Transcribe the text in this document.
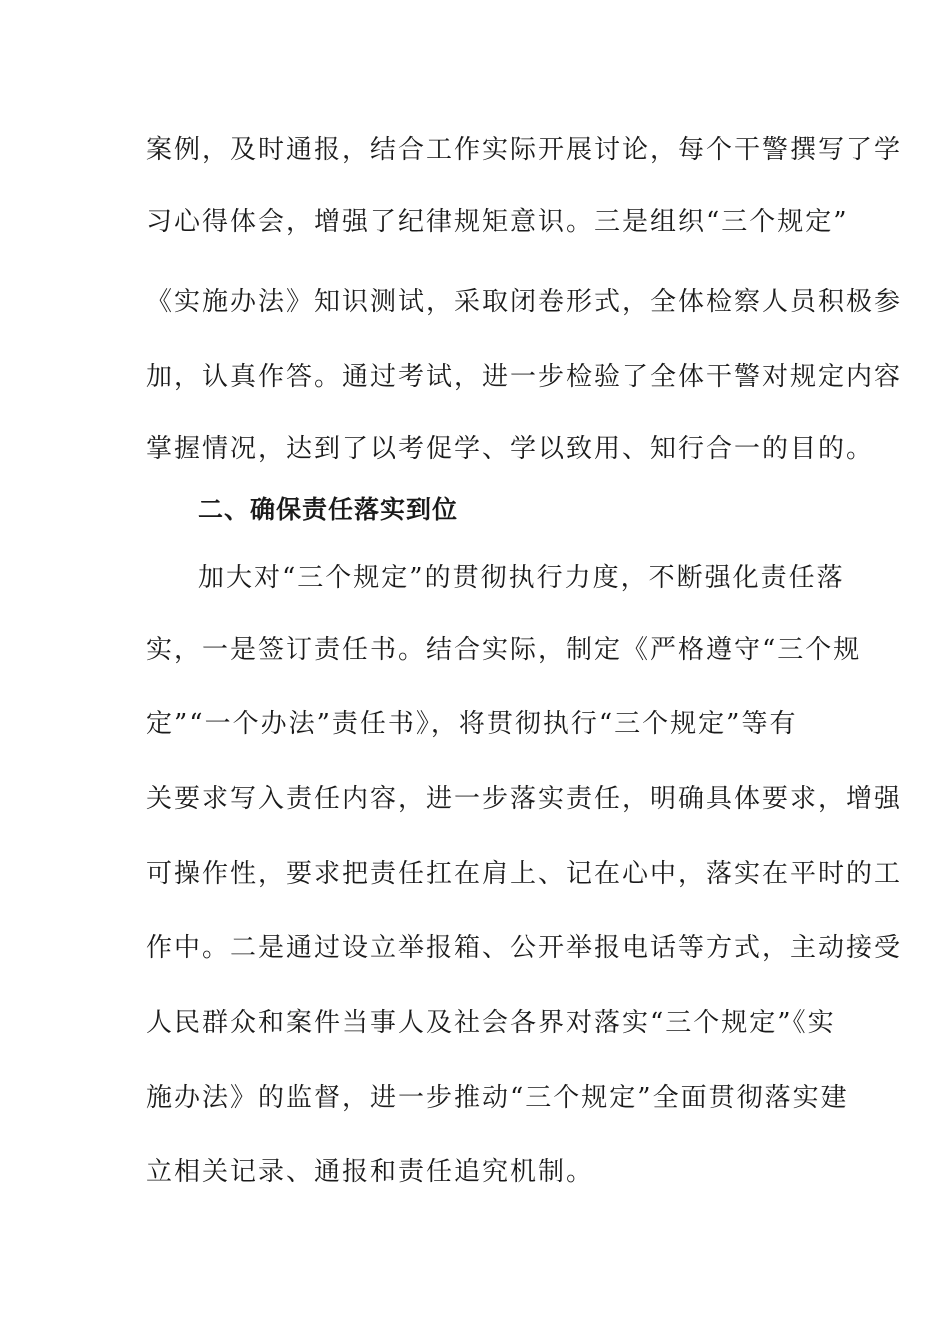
案例，及时通报，结合工作实际开展讨论，每个干警撰写了学
习心得体会，增强了纪律规矩意识。三是组织“三个规定”
《实施办法》知识测试，采取闭卷形式，全体检察人员积极参
加，认真作答。通过考试，进一步检验了全体干警对规定内容
掌握情况，达到了以考促学、学以致用、知行合一的目的。
二、确保责任落实到位
加大对“三个规定”的贯彻执行力度，不断强化责任落
实，一是签订责任书。结合实际，制定《严格遵守“三个规
定”“一个办法”责任书》，将贯彻执行“三个规定”等有
关要求写入责任内容，进一步落实责任，明确具体要求，增强
可操作性，要求把责任扛在肩上、记在心中，落实在平时的工
作中。二是通过设立举报箱、公开举报电话等方式，主动接受
人民群众和案件当事人及社会各界对落实“三个规定”《实
施办法》的监督，进一步推动“三个规定”全面贯彻落实建
立相关记录、通报和责任追究机制。
